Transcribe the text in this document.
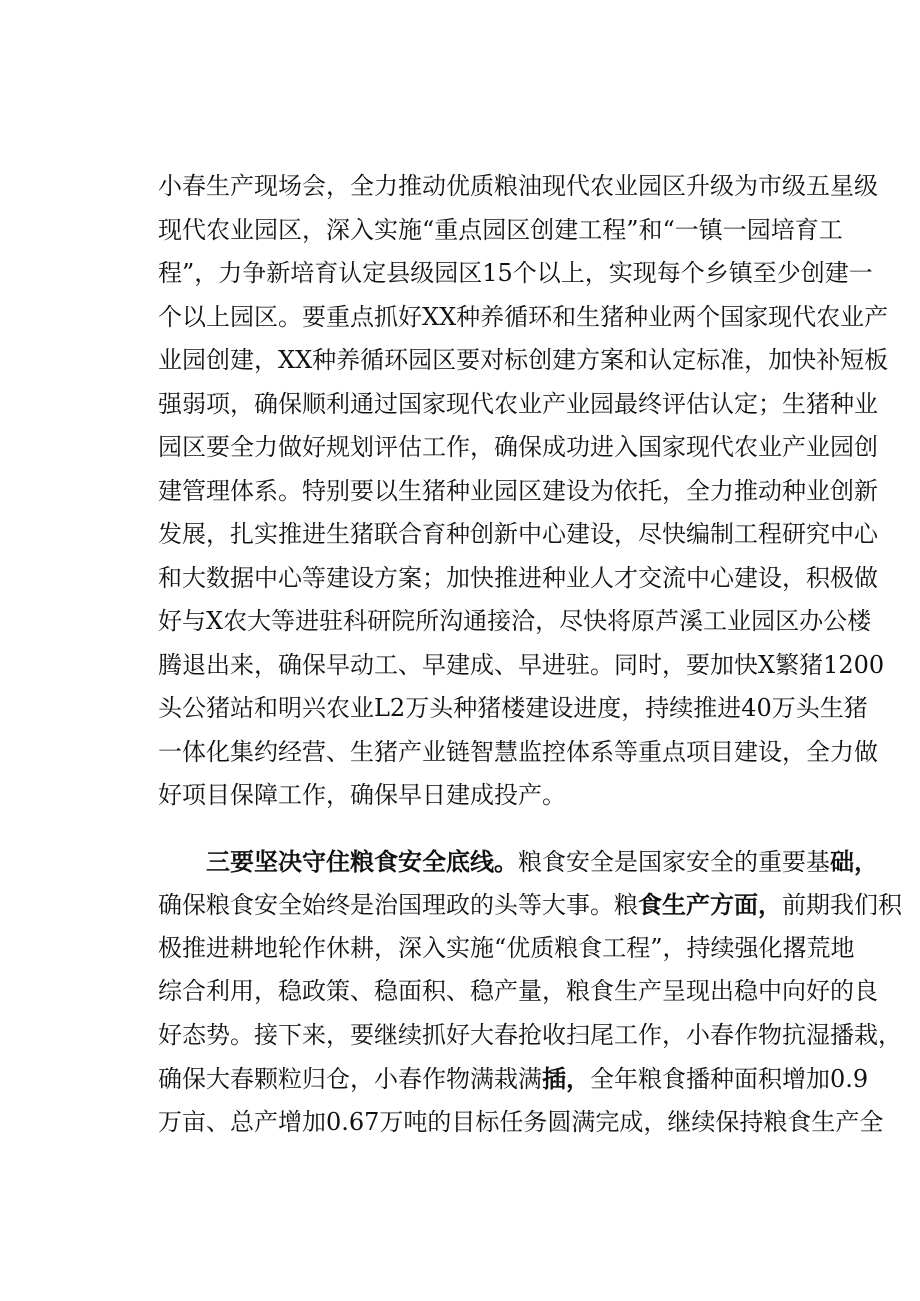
小春生产现场会，全力推动优质粮油现代农业园区升级为市级五星级
现代农业园区，深入实施“重点园区创建工程”和“一镇一园培育工
程”，力争新培育认定县级园区15个以上，实现每个乡镇至少创建一
个以上园区。要重点抓好XX种养循环和生猪种业两个国家现代农业产
业园创建，XX种养循环园区要对标创建方案和认定标准，加快补短板
强弱项，确保顺利通过国家现代农业产业园最终评估认定；生猪种业
园区要全力做好规划评估工作，确保成功进入国家现代农业产业园创
建管理体系。特别要以生猪种业园区建设为依托，全力推动种业创新
发展，扎实推进生猪联合育种创新中心建设，尽快编制工程研究中心
和大数据中心等建设方案；加快推进种业人才交流中心建设，积极做
好与X农大等进驻科研院所沟通接洽，尽快将原芦溪工业园区办公楼
腾退出来，确保早动工、早建成、早进驻。同时，要加快X繁猪1200
头公猪站和明兴农业L2万头种猪楼建设进度，持续推进40万头生猪
一体化集约经营、生猪产业链智慧监控体系等重点项目建设，全力做
好项目保障工作，确保早日建成投产。

三要坚决守住粮食安全底线。粮食安全是国家安全的重要基础，
确保粮食安全始终是治国理政的头等大事。粮食生产方面，前期我们积
极推进耕地轮作休耕，深入实施“优质粮食工程”，持续强化撂荒地
综合利用，稳政策、稳面积、稳产量，粮食生产呈现出稳中向好的良
好态势。接下来，要继续抓好大春抢收扫尾工作，小春作物抗湿播栽，
确保大春颗粒归仓，小春作物满栽满插，全年粮食播种面积增加0.9
万亩、总产增加0.67万吨的目标任务圆满完成，继续保持粮食生产全
